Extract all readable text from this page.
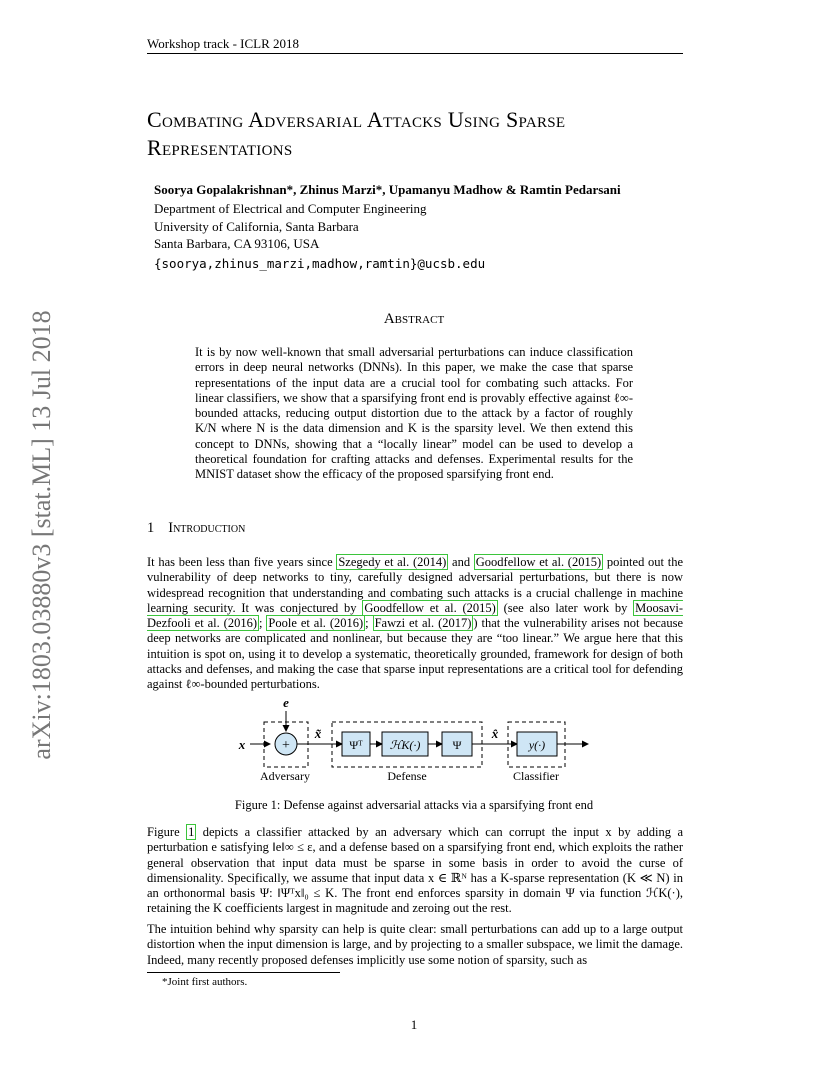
Workshop track - ICLR 2018
arXiv:1803.03880v3 [stat.ML] 13 Jul 2018
Combating Adversarial Attacks Using Sparse
Representations
Soorya Gopalakrishnan*, Zhinus Marzi*, Upamanyu Madhow & Ramtin Pedarsani
Department of Electrical and Computer Engineering
University of California, Santa Barbara
Santa Barbara, CA 93106, USA
{soorya,zhinus_marzi,madhow,ramtin}@ucsb.edu
Abstract
It is by now well-known that small adversarial perturbations can induce classification errors in deep neural networks (DNNs). In this paper, we make the case that sparse representations of the input data are a crucial tool for combating such attacks. For linear classifiers, we show that a sparsifying front end is provably effective against ℓ∞-bounded attacks, reducing output distortion due to the attack by a factor of roughly K/N where N is the data dimension and K is the sparsity level. We then extend this concept to DNNs, showing that a “locally linear” model can be used to develop a theoretical foundation for crafting attacks and defenses. Experimental results for the MNIST dataset show the efficacy of the proposed sparsifying front end.
1 Introduction
It has been less than five years since Szegedy et al. (2014) and Goodfellow et al. (2015) pointed out the vulnerability of deep networks to tiny, carefully designed adversarial perturbations, but there is now widespread recognition that understanding and combating such attacks is a crucial challenge in machine learning security. It was conjectured by Goodfellow et al. (2015) (see also later work by Moosavi-Dezfooli et al. (2016) ; Poole et al. (2016) ; Fawzi et al. (2017) ) that the vulnerability arises not because deep networks are complicated and nonlinear, but because they are “too linear.” We argue here that this intuition is spot on, using it to develop a systematic, theoretically grounded, framework for design of both attacks and defenses, and making the case that sparse input representations are a critical tool for defending against ℓ∞-bounded perturbations.
e
x	+
x̃
Ψᵀ ℋK(·)	Ψ
x̂
y(·)
Adversary	Defense	Classifier
Figure 1: Defense against adversarial attacks via a sparsifying front end
Figure 1 depicts a classifier attacked by an adversary which can corrupt the input x by adding a perturbation e satisfying ‖e‖∞ ≤ ε, and a defense based on a sparsifying front end, which exploits the rather general observation that input data must be sparse in some basis in order to avoid the curse of dimensionality. Specifically, we assume that input data x ∈ ℝᴺ has a K-sparse representation (K ≪ N) in an orthonormal basis Ψ: ‖Ψᵀx‖₀ ≤ K. The front end enforces sparsity in domain Ψ via function ℋK(·), retaining the K coefficients largest in magnitude and zeroing out the rest.
The intuition behind why sparsity can help is quite clear: small perturbations can add up to a large output distortion when the input dimension is large, and by projecting to a smaller subspace, we limit the damage. Indeed, many recently proposed defenses implicitly use some notion of sparsity, such as
*Joint first authors.
1
